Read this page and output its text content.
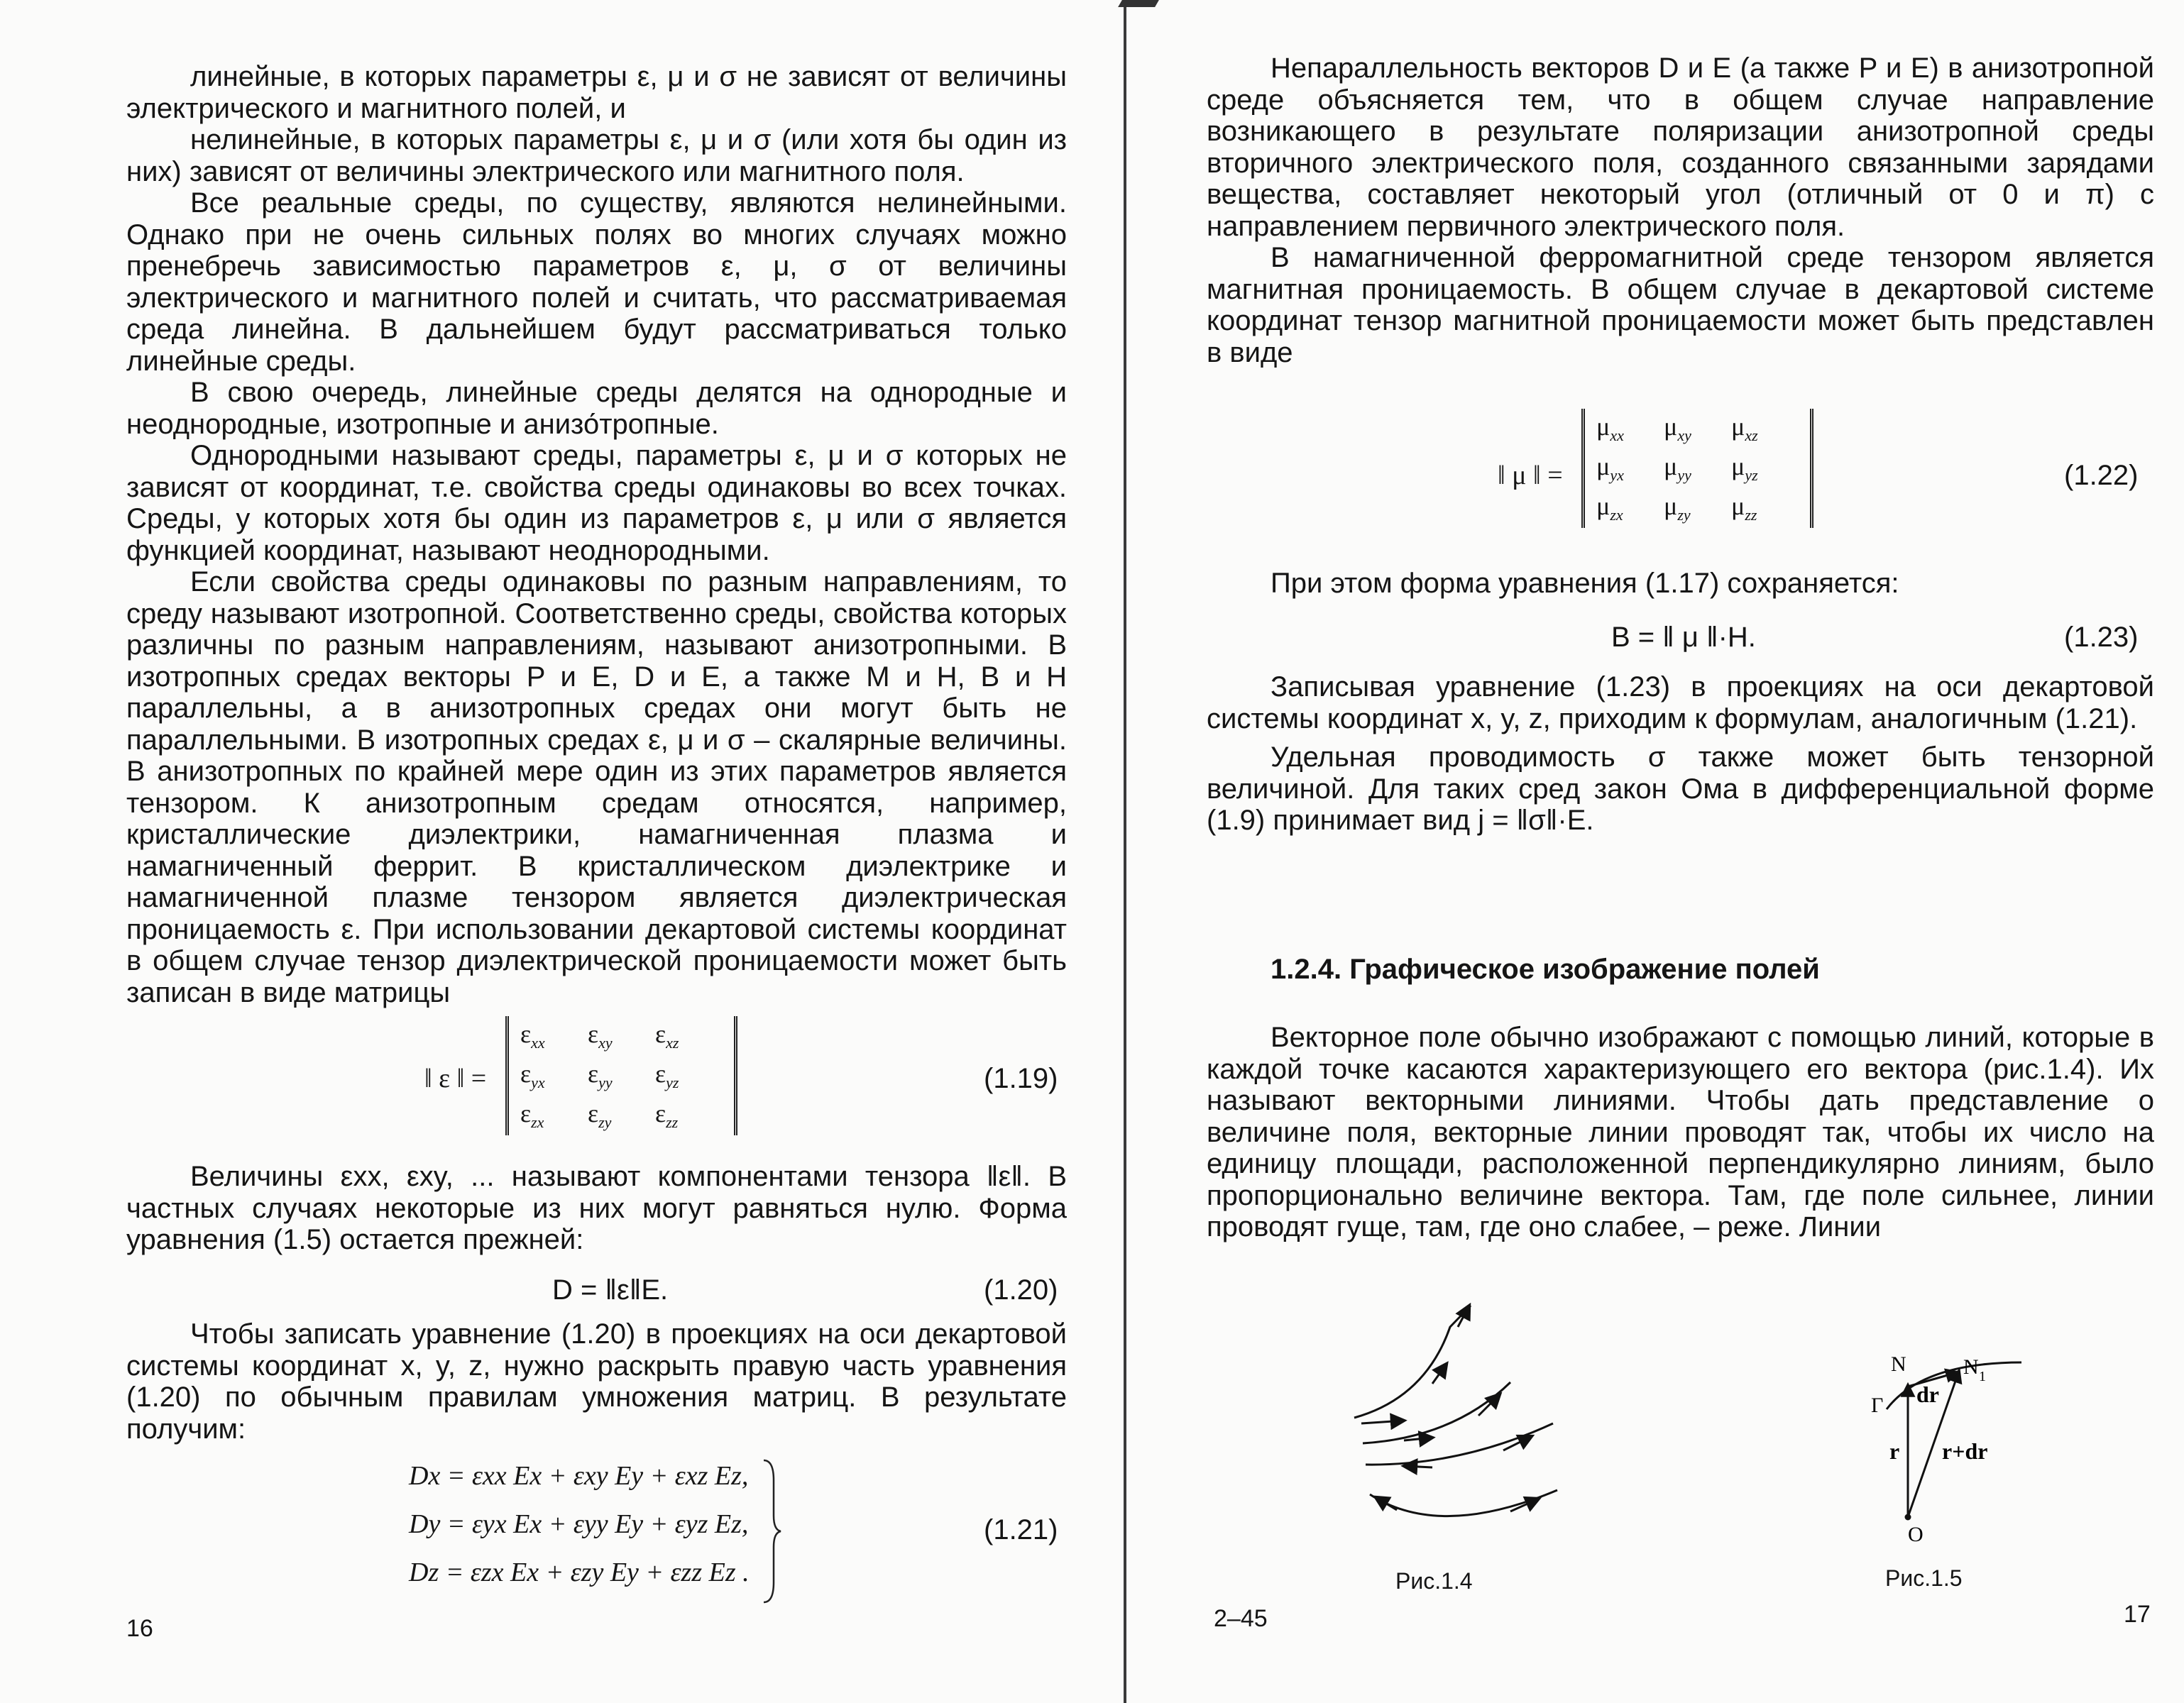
линейные, в которых параметры ε, μ и σ не зависят от величины электрического и магнитного полей, и

нелинейные, в которых параметры ε, μ и σ (или хотя бы один из них) зависят от величины электрического или магнитного поля.

Все реальные среды, по существу, являются нелинейными. Однако при не очень сильных полях во многих случаях можно пренебречь зависимостью параметров ε, μ, σ от величины электрического и магнитного полей и считать, что рассматриваемая среда линейна. В дальнейшем будут рассматриваться только линейные среды.

В свою очередь, линейные среды делятся на однородные и неоднородные, изотропные и анизо́тропные.

Однородными называют среды, параметры ε, μ и σ которых не зависят от координат, т.е. свойства среды одинаковы во всех точках. Среды, у которых хотя бы один из параметров ε, μ или σ является функцией координат, называют неоднородными.

Если свойства среды одинаковы по разным направлениям, то среду называют изотропной. Соответственно среды, свойства которых различны по разным направлениям, называют анизотропными. В изотропных средах векторы P и E, D и E, а также M и H, B и H параллельны, а в анизотропных средах они могут быть не параллельными. В изотропных средах ε, μ и σ – скалярные величины. В анизотропных по крайней мере один из этих параметров является тензором. К анизотропным средам относятся, например, кристаллические диэлектрики, намагниченная плазма и намагниченный феррит. В кристаллическом диэлектрике и намагниченной плазме тензором является диэлектрическая проницаемость ε. При использовании декартовой системы координат в общем случае тензор диэлектрической проницаемости может быть записан в виде матрицы

‖ ε ‖ =
$\varepsilon_{xx}$	$\varepsilon_{xy}$	$\varepsilon_{xz}$
$\varepsilon_{yx}$	$\varepsilon_{yy}$	$\varepsilon_{yz}$
$\varepsilon_{zx}$	$\varepsilon_{zy}$	$\varepsilon_{zz}$
(1.19)

Величины εxx, εxy, ... называют компонентами тензора ‖ε‖. В частных случаях некоторые из них могут равняться нулю. Форма уравнения (1.5) остается прежней:

D = ‖ε‖E.	(1.20)

Чтобы записать уравнение (1.20) в проекциях на оси декартовой системы координат x, y, z, нужно раскрыть правую часть уравнения (1.20) по обычным правилам умножения матриц. В результате получим:

Dx = εxx Ex + εxy Ey + εxz Ez,
Dy = εyx Ex + εyy Ey + εyz Ez,
Dz = εzx Ex + εzy Ey + εzz Ez .
(1.21)
16

Непараллельность векторов D и E (а также P и E) в анизотропной среде объясняется тем, что в общем случае направление возникающего в результате поляризации анизотропной среды вторичного электрического поля, созданного связанными зарядами вещества, составляет некоторый угол (отличный от 0 и π) с направлением первичного электрического поля.

В намагниченной ферромагнитной среде тензором является магнитная проницаемость. В общем случае в декартовой системе координат тензор магнитной проницаемости может быть представлен в виде

‖ μ ‖ =
$\mu_{xx}$	$\mu_{xy}$	$\mu_{xz}$
$\mu_{yx}$	$\mu_{yy}$	$\mu_{yz}$
$\mu_{zx}$	$\mu_{zy}$	$\mu_{zz}$
(1.22)

При этом форма уравнения (1.17) сохраняется:

B = ‖ μ ‖·H.	(1.23)

Записывая уравнение (1.23) в проекциях на оси декартовой системы координат x, y, z, приходим к формулам, аналогичным (1.21).

Удельная проводимость σ также может быть тензорной величиной. Для таких сред закон Ома в дифференциальной форме (1.9) принимает вид j = ‖σ‖·E.

1.2.4. Графическое изображение полей

Векторное поле обычно изображают с помощью линий, которые в каждой точке касаются характеризующего его вектора (рис.1.4). Их называют векторными линиями. Чтобы дать представление о величине поля, векторные линии проводят так, чтобы их число на единицу площади, расположенной перпендикулярно линиям, было пропорционально величине вектора. Там, где поле сильнее, линии проводят гуще, там, где оно слабее, – реже. Линии

Рис.1.4
N	N 1
Γ dr
r r+dr
O
Рис.1.5
2–45	17
